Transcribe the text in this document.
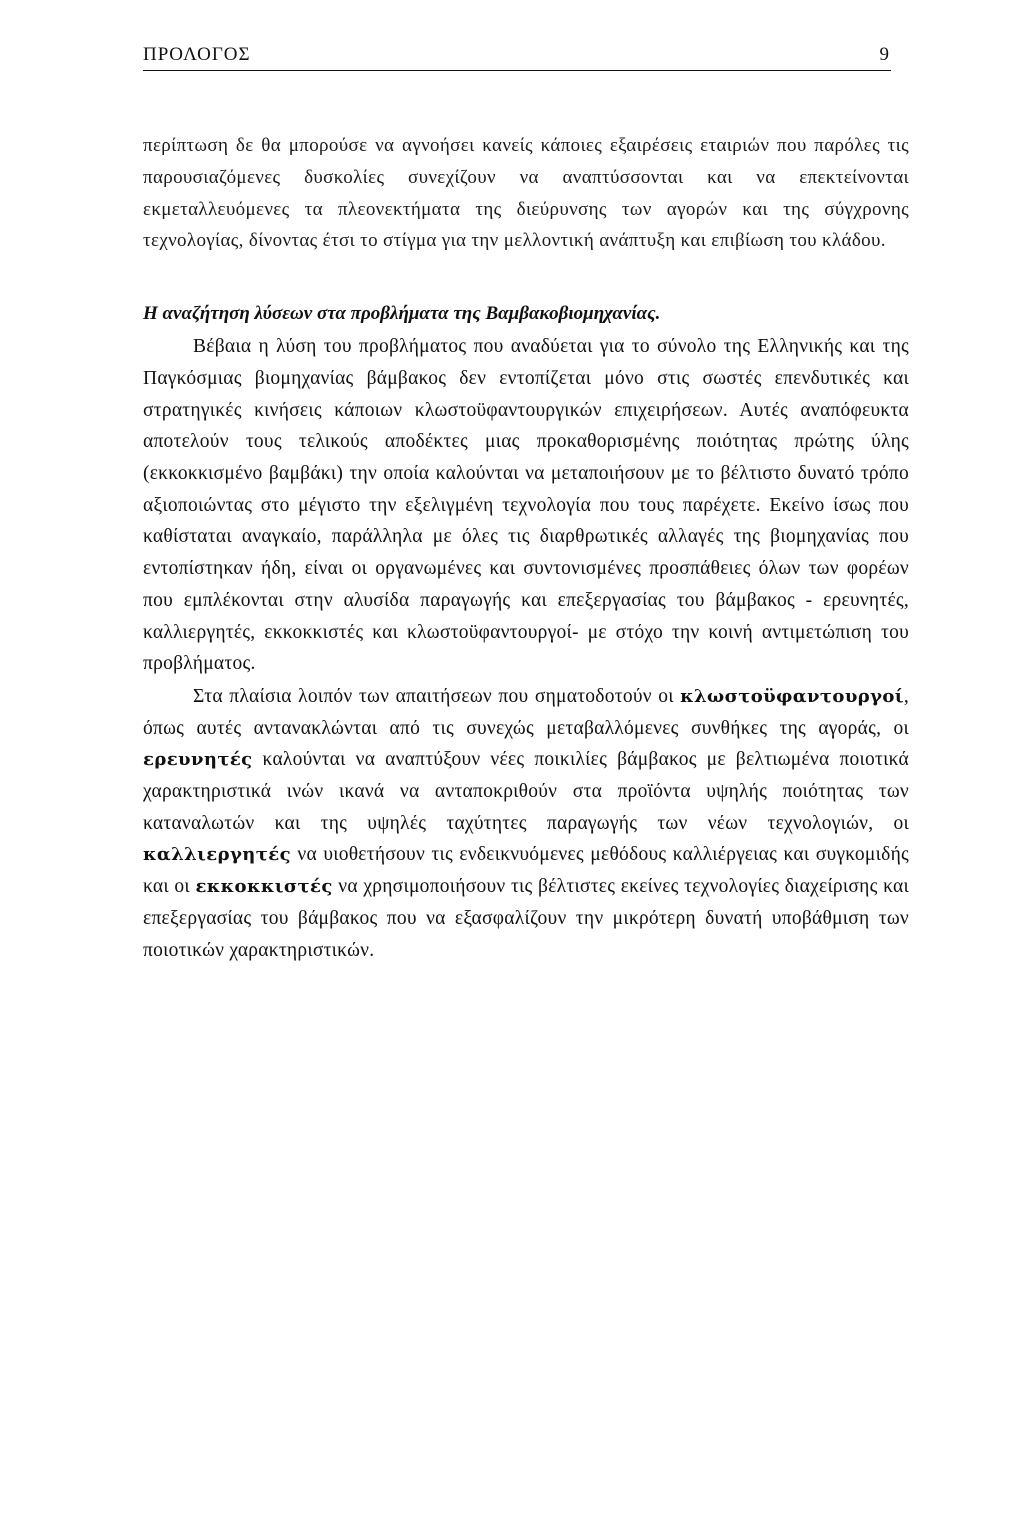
ΠΡΟΛΟΓΟΣ	9

περίπτωση δε θα μπορούσε να αγνοήσει κανείς κάποιες εξαιρέσεις εταιριών που παρόλες τις παρουσιαζόμενες δυσκολίες συνεχίζουν να αναπτύσσονται και να επεκτείνονται εκμεταλλευόμενες τα πλεονεκτήματα της διεύρυνσης των αγορών και της σύγχρονης τεχνολογίας, δίνοντας έτσι το στίγμα για την μελλοντική ανάπτυξη και επιβίωση του κλάδου.

Η αναζήτηση λύσεων στα προβλήματα της Βαμβακοβιομηχανίας.

Βέβαια η λύση του προβλήματος που αναδύεται για το σύνολο της Ελληνικής και της Παγκόσμιας βιομηχανίας βάμβακος δεν εντοπίζεται μόνο στις σωστές επενδυτικές και στρατηγικές κινήσεις κάποιων κλωστοϋφαντουργικών επιχειρήσεων. Αυτές αναπόφευκτα αποτελούν τους τελικούς αποδέκτες μιας προκαθορισμένης ποιότητας πρώτης ύλης (εκκοκκισμένο βαμβάκι) την οποία καλούνται να μεταποιήσουν με το βέλτιστο δυνατό τρόπο αξιοποιώντας στο μέγιστο την εξελιγμένη τεχνολογία που τους παρέχετε. Εκείνο ίσως που καθίσταται αναγκαίο, παράλληλα με όλες τις διαρθρωτικές αλλαγές της βιομηχανίας που εντοπίστηκαν ήδη, είναι οι οργανωμένες και συντονισμένες προσπάθειες όλων των φορέων που εμπλέκονται στην αλυσίδα παραγωγής και επεξεργασίας του βάμβακος - ερευνητές, καλλιεργητές, εκκοκκιστές και κλωστοϋφαντουργοί- με στόχο την κοινή αντιμετώπιση του προβλήματος.

Στα πλαίσια λοιπόν των απαιτήσεων που σηματοδοτούν οι κλωστοϋφαντουργοί, όπως αυτές αντανακλώνται από τις συνεχώς μεταβαλλόμενες συνθήκες της αγοράς, οι ερευνητές καλούνται να αναπτύξουν νέες ποικιλίες βάμβακος με βελτιωμένα ποιοτικά χαρακτηριστικά ινών ικανά να ανταποκριθούν στα προϊόντα υψηλής ποιότητας των καταναλωτών και της υψηλές ταχύτητες παραγωγής των νέων τεχνολογιών, οι καλλιεργητές να υιοθετήσουν τις ενδεικνυόμενες μεθόδους καλλιέργειας και συγκομιδής και οι εκκοκκιστές να χρησιμοποιήσουν τις βέλτιστες εκείνες τεχνολογίες διαχείρισης και επεξεργασίας του βάμβακος που να εξασφαλίζουν την μικρότερη δυνατή υποβάθμιση των ποιοτικών χαρακτηριστικών.
